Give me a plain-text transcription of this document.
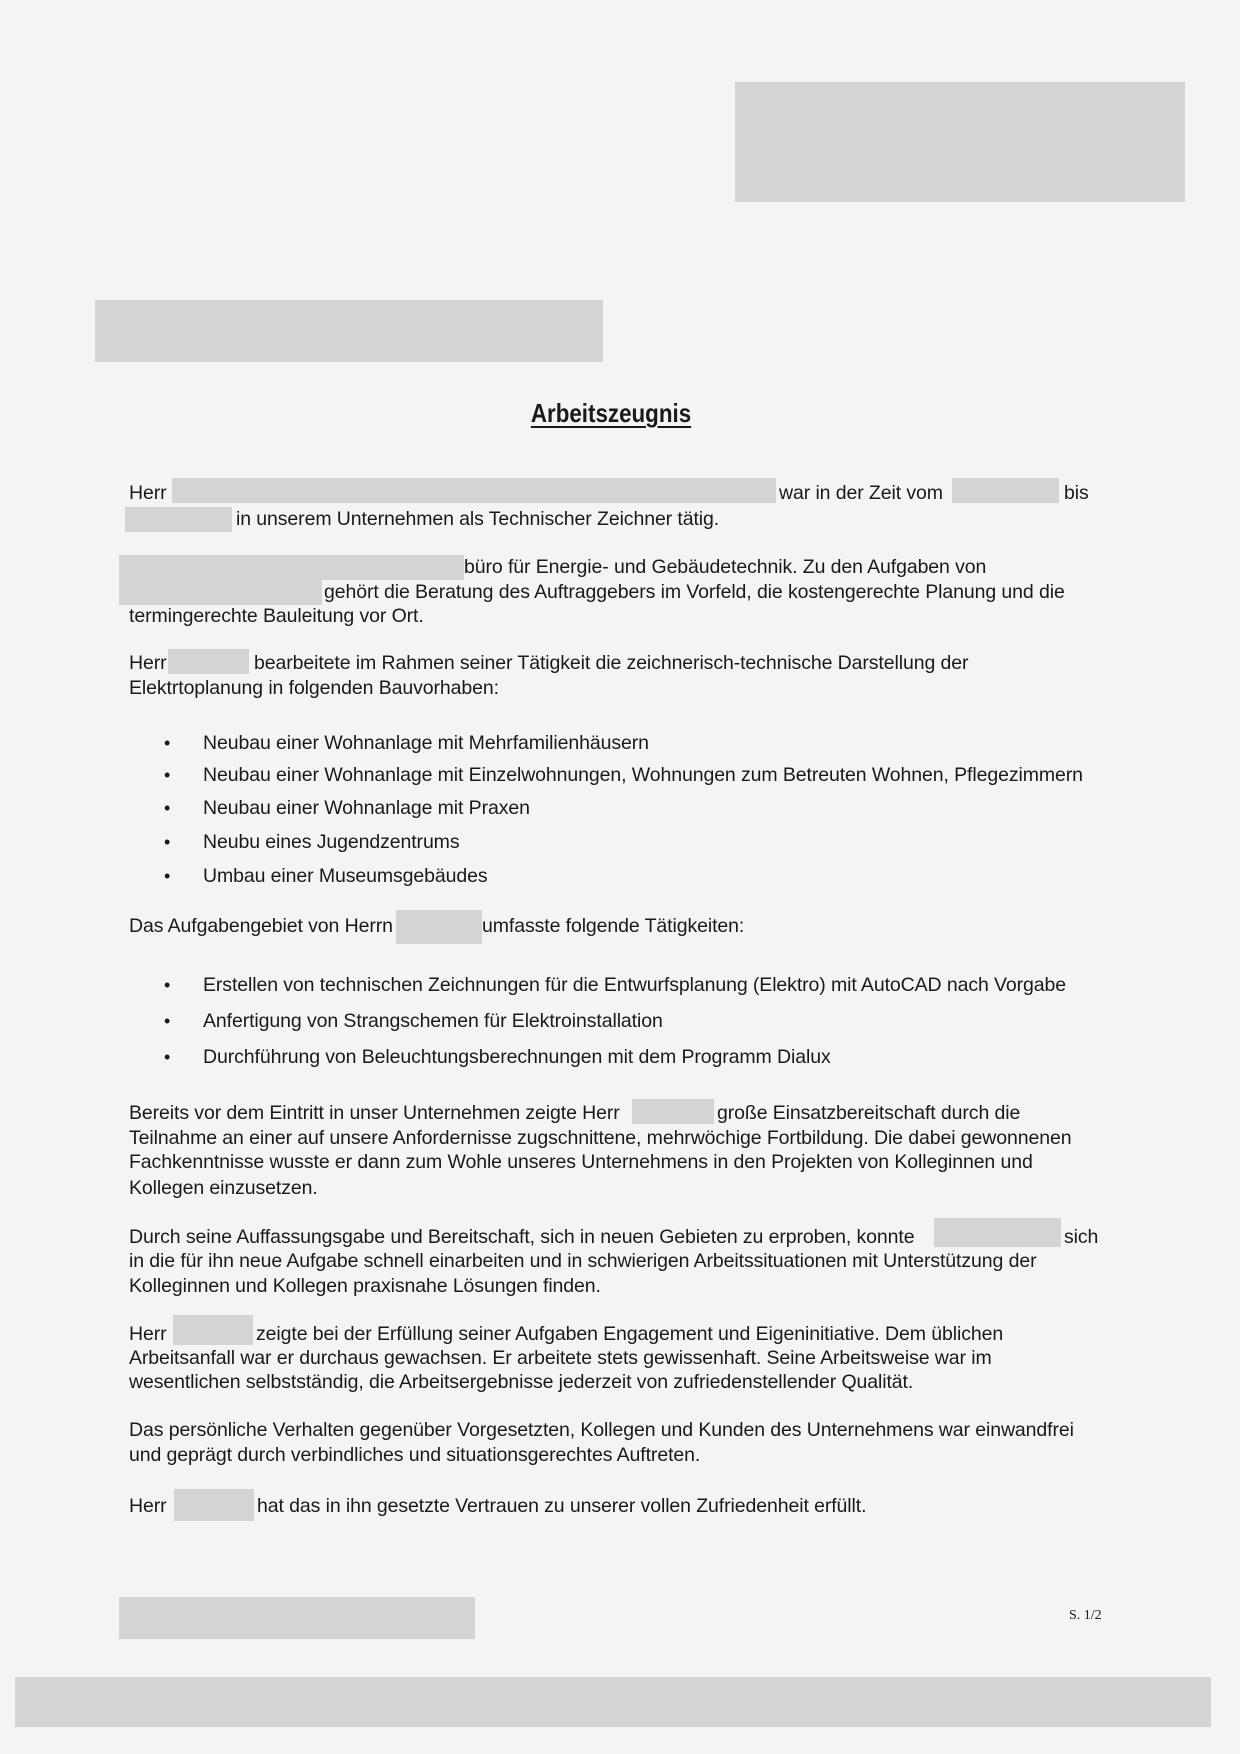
Arbeitszeugnis
Herr	war in der Zeit vom	bis
in unserem Unternehmen als Technischer Zeichner tätig.
büro für Energie- und Gebäudetechnik. Zu den Aufgaben von
gehört die Beratung des Auftraggebers im Vorfeld, die kostengerechte Planung und die
termingerechte Bauleitung vor Ort.
Herr	bearbeitete im Rahmen seiner Tätigkeit die zeichnerisch-technische Darstellung der
Elektrtoplanung in folgenden Bauvorhaben:
• Neubau einer Wohnanlage mit Mehrfamilienhäusern
• Neubau einer Wohnanlage mit Einzelwohnungen, Wohnungen zum Betreuten Wohnen, Pflegezimmern
• Neubau einer Wohnanlage mit Praxen
• Neubu eines Jugendzentrums
• Umbau einer Museumsgebäudes
Das Aufgabengebiet von Herrn	umfasste folgende Tätigkeiten:
• Erstellen von technischen Zeichnungen für die Entwurfsplanung (Elektro) mit AutoCAD nach Vorgabe
• Anfertigung von Strangschemen für Elektroinstallation
• Durchführung von Beleuchtungsberechnungen mit dem Programm Dialux
Bereits vor dem Eintritt in unser Unternehmen zeigte Herr	große Einsatzbereitschaft durch die
Teilnahme an einer auf unsere Anfordernisse zugschnittene, mehrwöchige Fortbildung. Die dabei gewonnenen
Fachkenntnisse wusste er dann zum Wohle unseres Unternehmens in den Projekten von Kolleginnen und
Kollegen einzusetzen.
Durch seine Auffassungsgabe und Bereitschaft, sich in neuen Gebieten zu erproben, konnte	sich
in die für ihn neue Aufgabe schnell einarbeiten und in schwierigen Arbeitssituationen mit Unterstützung der
Kolleginnen und Kollegen praxisnahe Lösungen finden.
Herr	zeigte bei der Erfüllung seiner Aufgaben Engagement und Eigeninitiative. Dem üblichen
Arbeitsanfall war er durchaus gewachsen. Er arbeitete stets gewissenhaft. Seine Arbeitsweise war im
wesentlichen selbstständig, die Arbeitsergebnisse jederzeit von zufriedenstellender Qualität.
Das persönliche Verhalten gegenüber Vorgesetzten, Kollegen und Kunden des Unternehmens war einwandfrei
und geprägt durch verbindliches und situationsgerechtes Auftreten.
Herr	hat das in ihn gesetzte Vertrauen zu unserer vollen Zufriedenheit erfüllt.
S. 1/2
